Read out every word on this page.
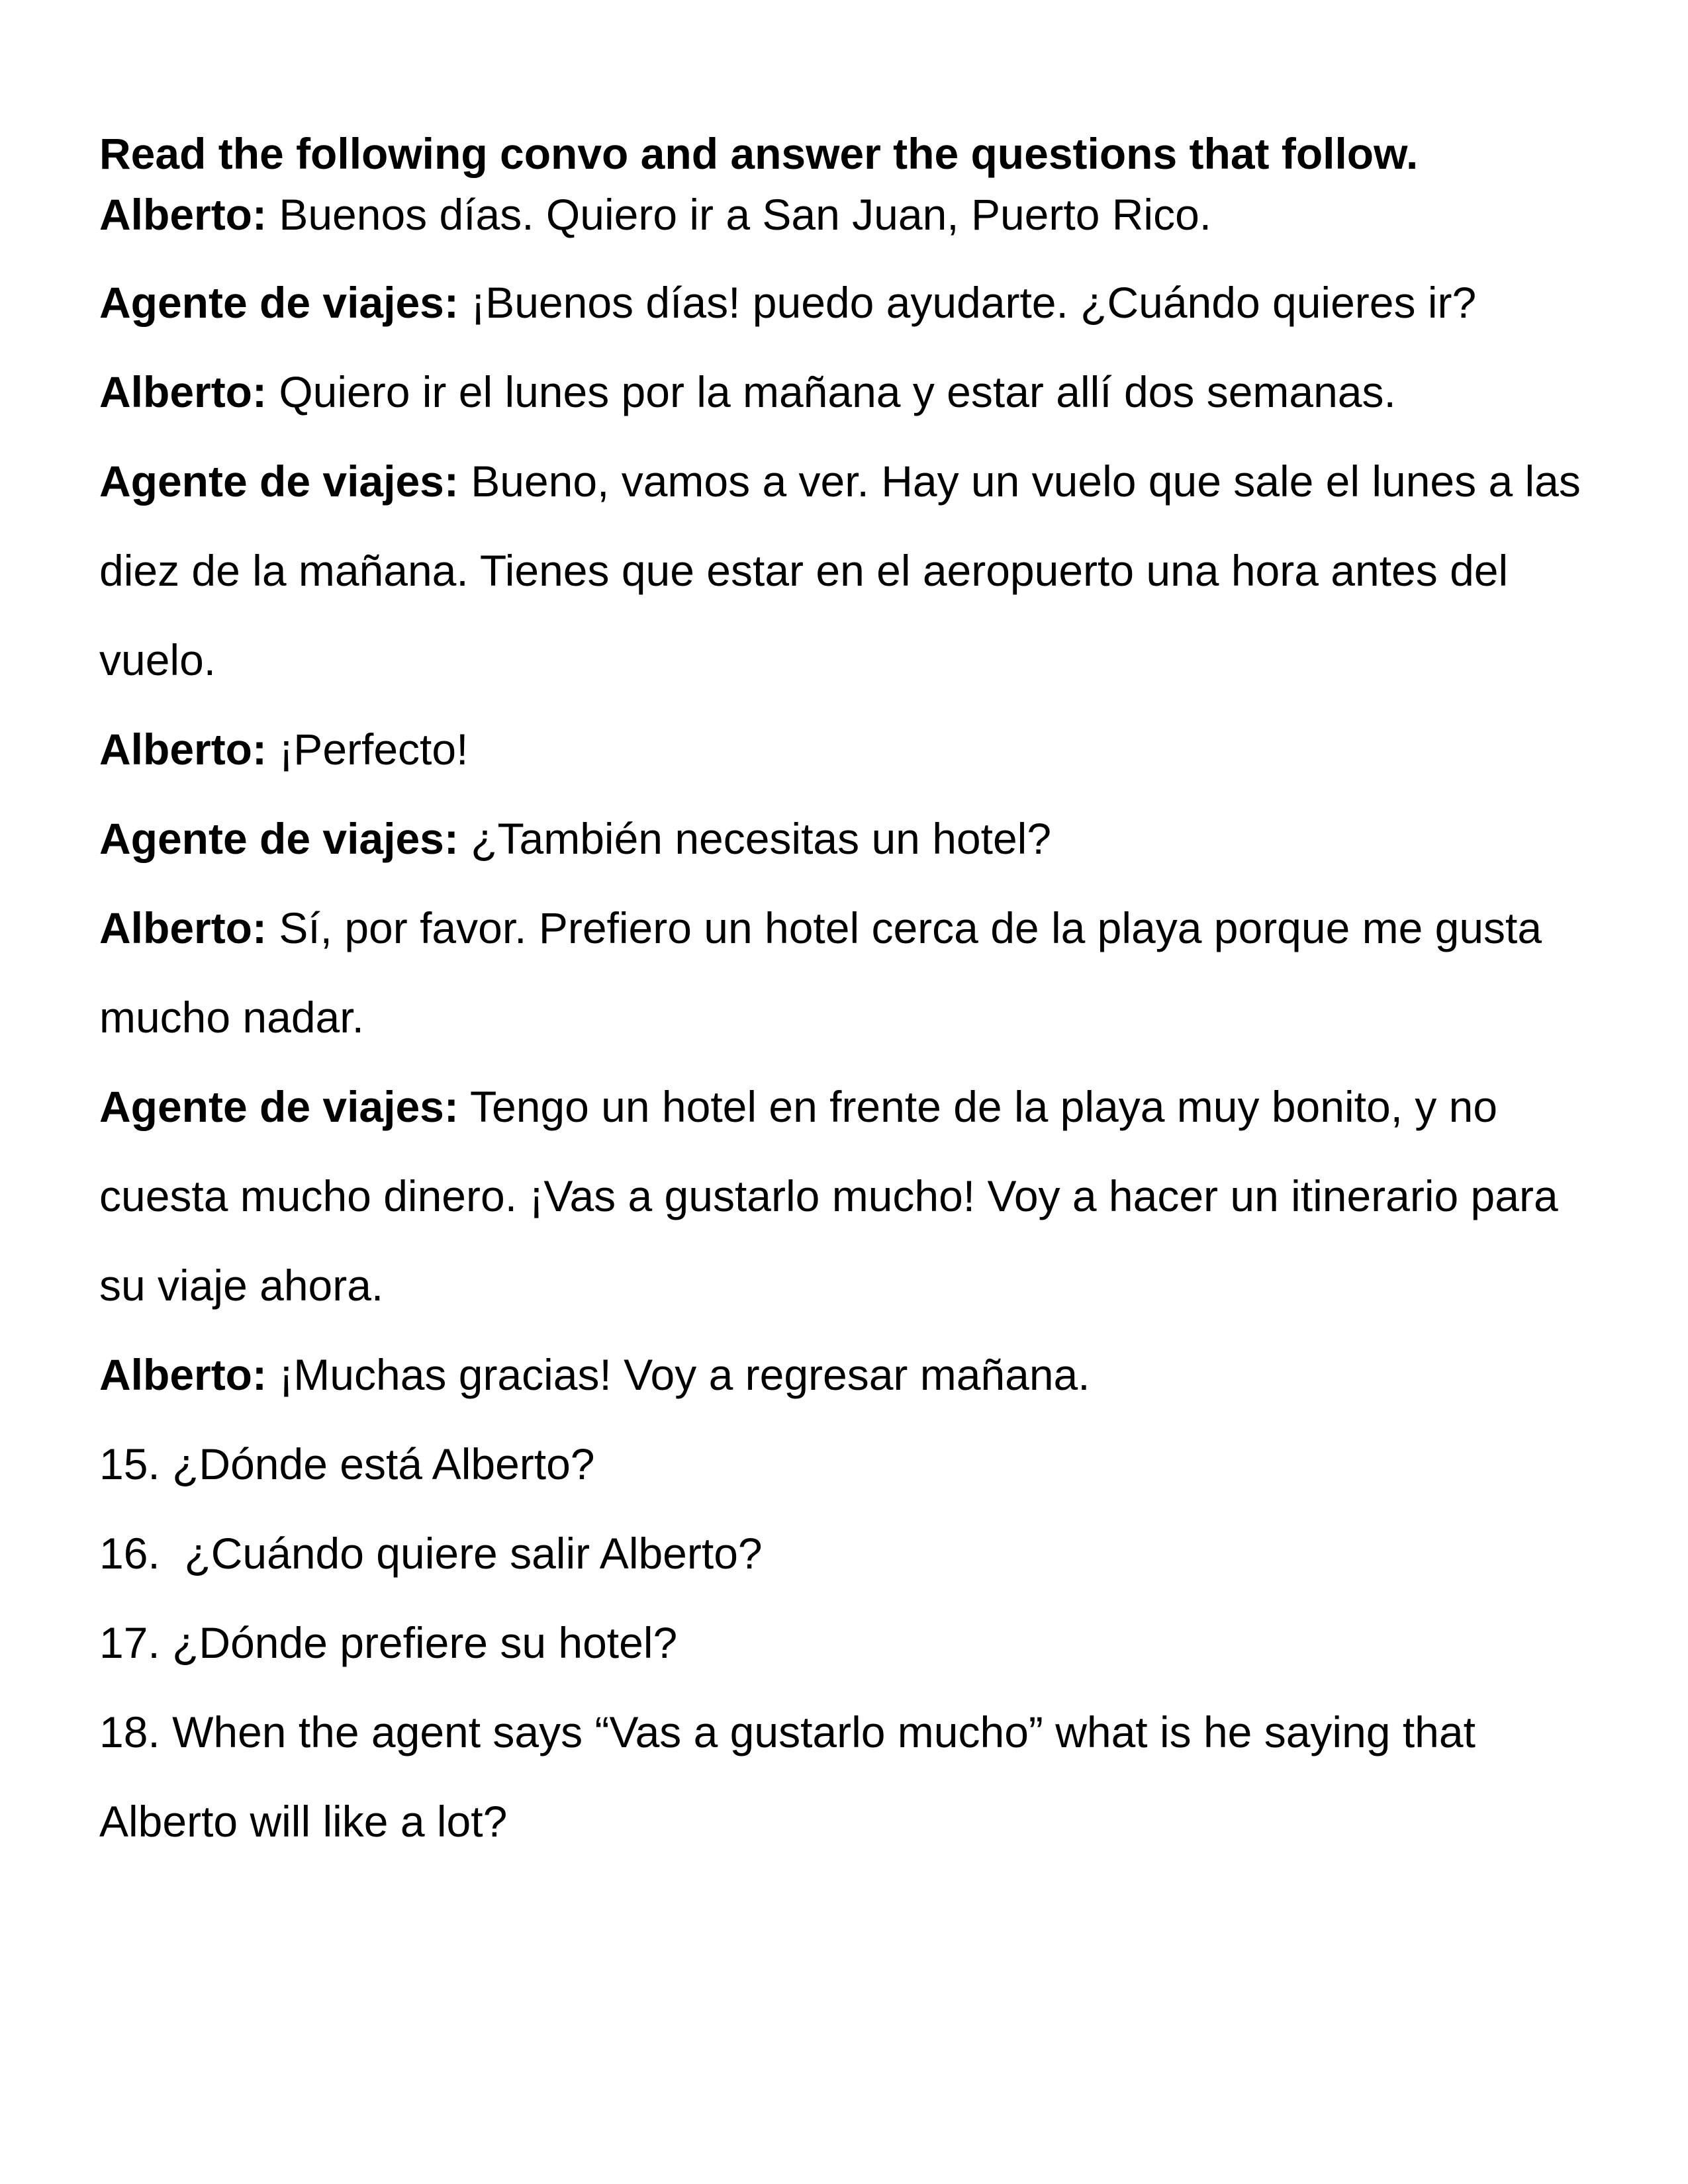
Read the following convo and answer the questions that follow.

Alberto: Buenos días. Quiero ir a San Juan, Puerto Rico.

Agente de viajes: ¡Buenos días! puedo ayudarte. ¿Cuándo quieres ir?

Alberto: Quiero ir el lunes por la mañana y estar allí dos semanas.

Agente de viajes: Bueno, vamos a ver. Hay un vuelo que sale el lunes a las diez de la mañana. Tienes que estar en el aeropuerto una hora antes del vuelo.

Alberto: ¡Perfecto!

Agente de viajes: ¿También necesitas un hotel?

Alberto: Sí, por favor. Prefiero un hotel cerca de la playa porque me gusta mucho nadar.

Agente de viajes: Tengo un hotel en frente de la playa muy bonito, y no cuesta mucho dinero. ¡Vas a gustarlo mucho! Voy a hacer un itinerario para su viaje ahora.

Alberto: ¡Muchas gracias! Voy a regresar mañana.

15. ¿Dónde está Alberto?

16.  ¿Cuándo quiere salir Alberto?

17. ¿Dónde prefiere su hotel?

18. When the agent says “Vas a gustarlo mucho” what is he saying that Alberto will like a lot?
